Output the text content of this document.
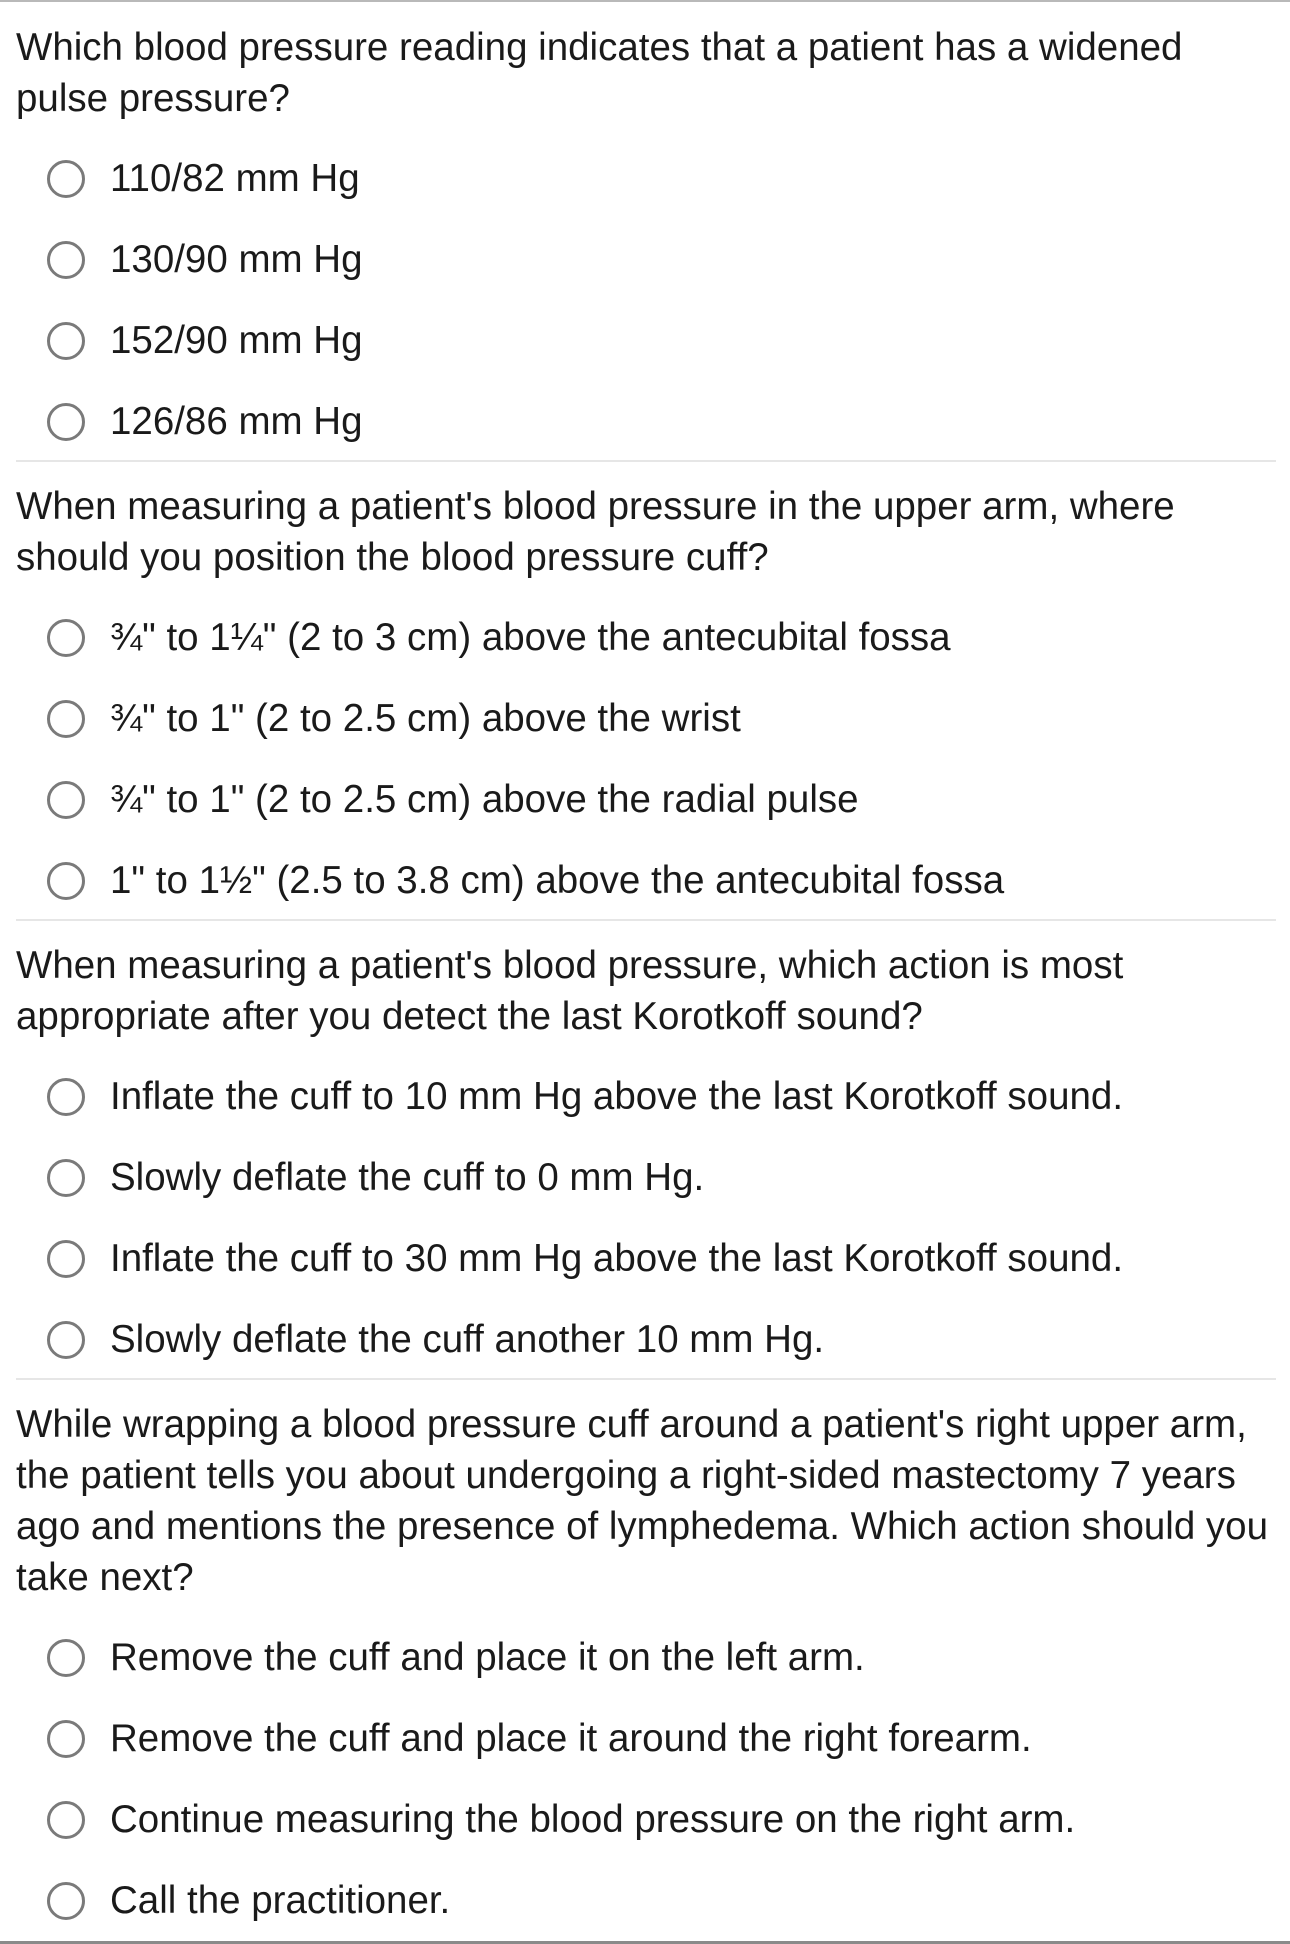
Which blood pressure reading indicates that a patient has a widened pulse pressure?

110/82 mm Hg
130/90 mm Hg
152/90 mm Hg
126/86 mm Hg

When measuring a patient's blood pressure in the upper arm, where should you position the blood pressure cuff?

¾" to 1¼" (2 to 3 cm) above the antecubital fossa
¾" to 1" (2 to 2.5 cm) above the wrist
¾" to 1" (2 to 2.5 cm) above the radial pulse
1" to 1½" (2.5 to 3.8 cm) above the antecubital fossa

When measuring a patient's blood pressure, which action is most appropriate after you detect the last Korotkoff sound?

Inflate the cuff to 10 mm Hg above the last Korotkoff sound.
Slowly deflate the cuff to 0 mm Hg.
Inflate the cuff to 30 mm Hg above the last Korotkoff sound.
Slowly deflate the cuff another 10 mm Hg.

While wrapping a blood pressure cuff around a patient's right upper arm, the patient tells you about undergoing a right-sided mastectomy 7 years ago and mentions the presence of lymphedema. Which action should you take next?

Remove the cuff and place it on the left arm.
Remove the cuff and place it around the right forearm.
Continue measuring the blood pressure on the right arm.
Call the practitioner.
